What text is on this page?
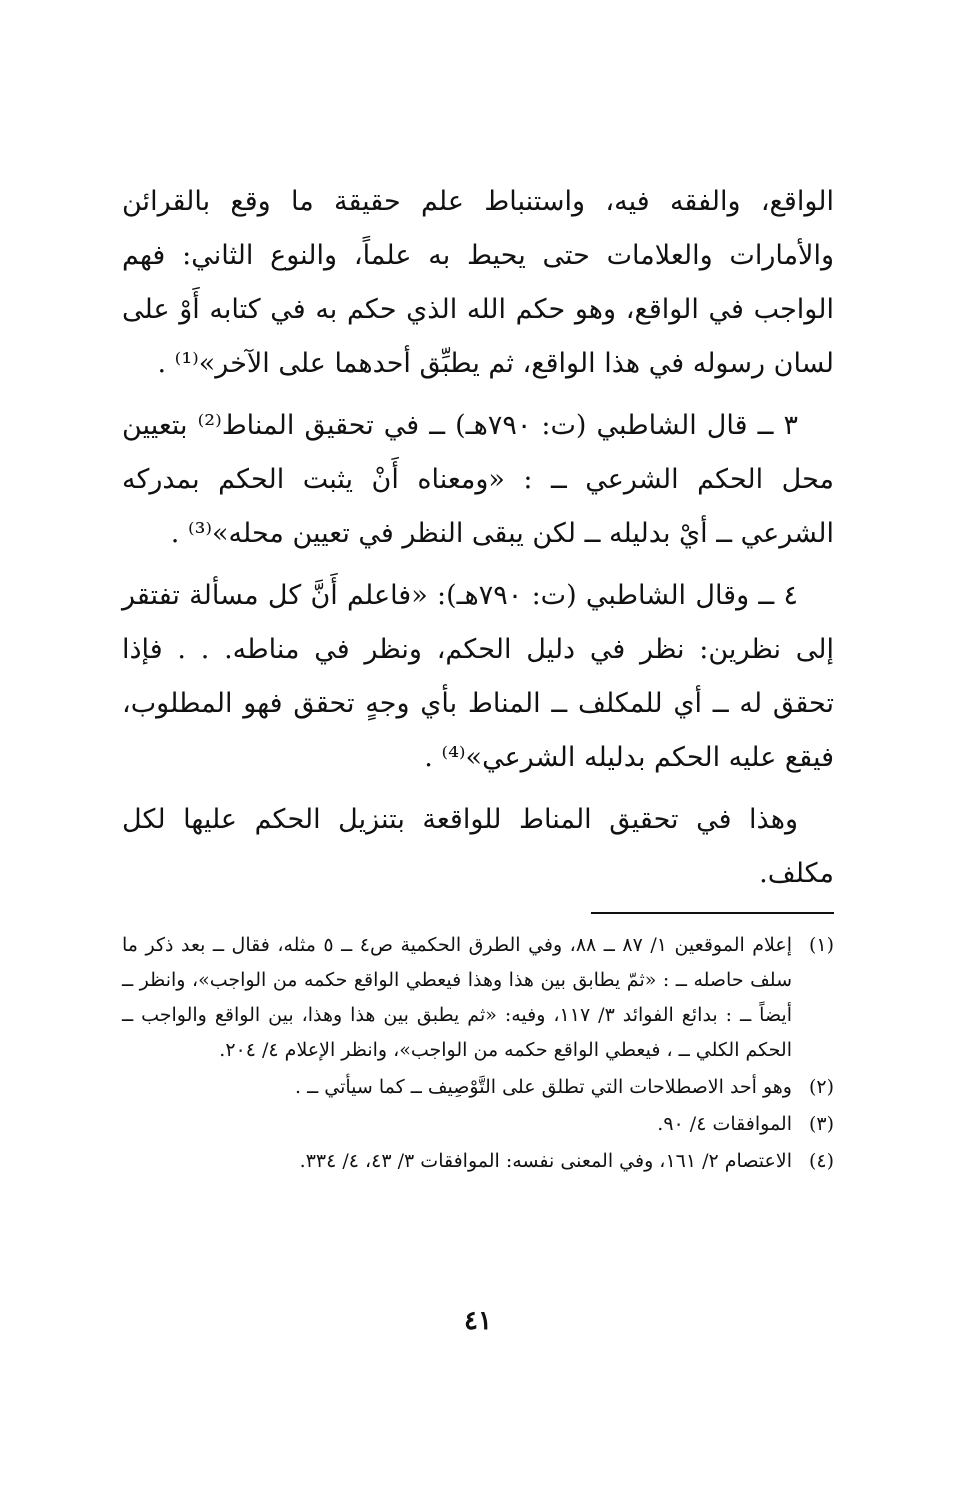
الواقع، والفقه فيه، واستنباط علم حقيقة ما وقع بالقرائن والأمارات والعلامات حتى يحيط به علماً، والنوع الثاني: فهم الواجب في الواقع، وهو حكم الله الذي حكم به في كتابه أَوْ على لسان رسوله في هذا الواقع، ثم يطبِّق أحدهما على الآخر»⁽¹⁾ .

٣ ــ قال الشاطبي (ت: ٧٩٠هـ) ــ في تحقيق المناط⁽²⁾ بتعيين محل الحكم الشرعي ــ : «ومعناه أَنْ يثبت الحكم بمدركه الشرعي ــ أيْ بدليله ــ لكن يبقى النظر في تعيين محله»⁽³⁾ .

٤ ــ وقال الشاطبي (ت: ٧٩٠هـ): «فاعلم أَنَّ كل مسألة تفتقر إلى نظرين: نظر في دليل الحكم، ونظر في مناطه. . . فإذا تحقق له ــ أي للمكلف ــ المناط بأي وجهٍ تحقق فهو المطلوب، فيقع عليه الحكم بدليله الشرعي»⁽⁴⁾ .

وهذا في تحقيق المناط للواقعة بتنزيل الحكم عليها لكل مكلف.

(١)
إعلام الموقعين ١/ ٨٧ ــ ٨٨، وفي الطرق الحكمية ص٤ ــ ٥ مثله، فقال ــ بعد ذكر ما سلف حاصله ــ : «ثمّ يطابق بين هذا وهذا فيعطي الواقع حكمه من الواجب»، وانظر ــ أيضاً ــ : بدائع الفوائد ٣/ ١١٧، وفيه: «ثم يطبق بين هذا وهذا، بين الواقع والواجب ــ الحكم الكلي ــ ، فيعطي الواقع حكمه من الواجب»، وانظر الإعلام ٤/ ٢٠٤.
(٢)
وهو أحد الاصطلاحات التي تطلق على التَّوْصِيف ــ كما سيأتي ــ .
(٣)
الموافقات ٤/ ٩٠.
(٤)
الاعتصام ٢/ ١٦١، وفي المعنى نفسه: الموافقات ٣/ ٤٣، ٤/ ٣٣٤.
٤١
